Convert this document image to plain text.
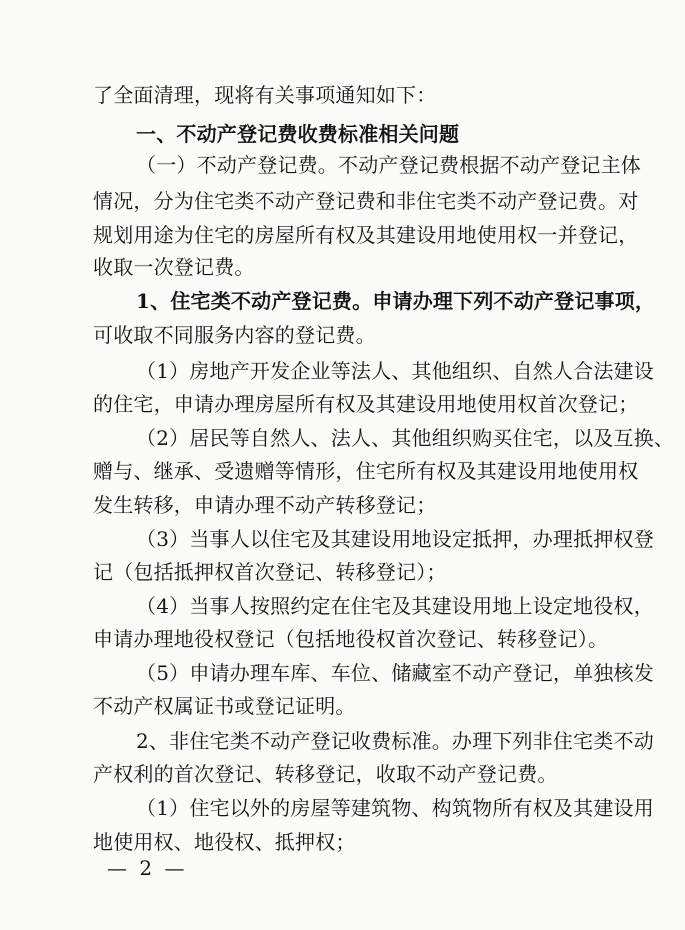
了全面清理，现将有关事项通知如下：
一、不动产登记费收费标准相关问题
（一）不动产登记费。不动产登记费根据不动产登记主体
情况，分为住宅类不动产登记费和非住宅类不动产登记费。对
规划用途为住宅的房屋所有权及其建设用地使用权一并登记，
收取一次登记费。
1、住宅类不动产登记费。申请办理下列不动产登记事项，
可收取不同服务内容的登记费。
（1）房地产开发企业等法人、其他组织、自然人合法建设
的住宅，申请办理房屋所有权及其建设用地使用权首次登记；
（2）居民等自然人、法人、其他组织购买住宅，以及互换、
赠与、继承、受遗赠等情形，住宅所有权及其建设用地使用权
发生转移，申请办理不动产转移登记；
（3）当事人以住宅及其建设用地设定抵押，办理抵押权登
记（包括抵押权首次登记、转移登记）；
（4）当事人按照约定在住宅及其建设用地上设定地役权，
申请办理地役权登记（包括地役权首次登记、转移登记）。
（5）申请办理车库、车位、储藏室不动产登记，单独核发
不动产权属证书或登记证明。
2、非住宅类不动产登记收费标准。办理下列非住宅类不动
产权利的首次登记、转移登记，收取不动产登记费。
（1）住宅以外的房屋等建筑物、构筑物所有权及其建设用
地使用权、地役权、抵押权；
— 2 —
